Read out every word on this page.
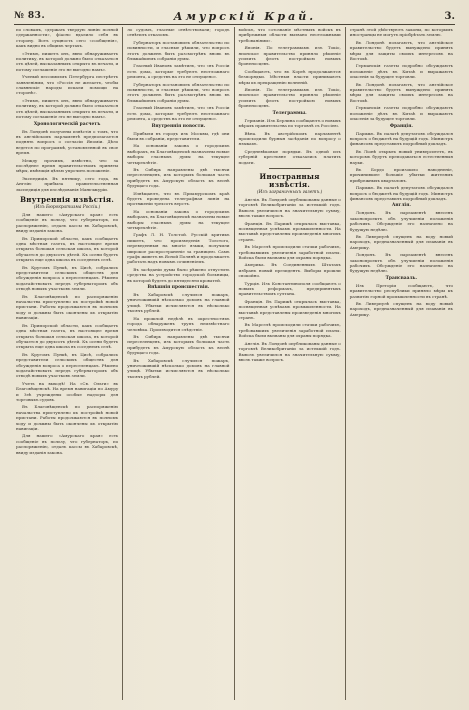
№ 83.	Амурскій Край.	3.

по словамъ, «держать твердую линію полной сдержанности», фіасно вдалило себя въ сторону. Вотъ сущность сего «сообщенія», какъ видно въ общихъ чертахъ.

«Этимъ, пишетъ онъ, явно обнаруживаетъ политику, въ которой должно было отказаться отъ цѣлей, высказанныхъ открыто въ печати, и потому соглашеніе это не выгодно намъ».

Ученый пессимизмъ Петербурга пестрѣетъ заявленіями, что «Россія не желаетъ, чтобы славянскіе народы искали помощи на сторонѣ».

«Этимъ, пишетъ онъ, явно обнаруживаетъ политику, въ которой должно было отказаться отъ цѣлей, высказанныхъ открыто въ печати, и потому соглашеніе это не выгодно намъ».

Хронологическій расчетъ

Въ Лондонѣ получены извѣстія о томъ, что въ англійскомъ парламентѣ предполагается поднять вопросъ о согласіи Япоміи. Дѣло ведется по программѣ, установленной въ свое время.

Между прочимъ, извѣстно, что за послѣднее время правительствомъ приняты мѣры, имѣющія цѣлью упрочить положеніе.

Экспедиція. Въ пятницу, сего года, въ Англію прибыла правительственная экспедиція для изслѣдованія Маньчжуріи.

Внутреннія извѣстія.
(Изъ Бюрократизма Россіи.)

Для нашего «Амурскаго края» есть сообщеніе въ пользу, что губернаторъ, по распоряженію, отдалъ кассы въ Хабаровскѣ, ввиду изданія закона.

Въ Приморской области, какъ сообщаетъ одна мѣстная газета, въ настоящее время открыта большая сельская школа, въ которой обучается до двухсотъ дѣтей. Къ осени будетъ открыта еще одна школа въ соседнемъ селѣ.

Въ Кругомъ Пункѣ, въ Цисѣ, собрались представители сельскихъ обществъ для обсужденія вопроса о переселенцахъ. Рѣшено ходатайствовать передъ губернаторомъ объ отводѣ новыхъ участковъ земли.

Въ Благовѣщенскѣ по распоряженію начальства приступлено къ постройкѣ новой пристани. Работы продолжаются въ полномъ ходу и должны быть окончены къ открытію навигаціи.

Въ Приморской области, какъ сообщаетъ одна мѣстная газета, въ настоящее время открыта большая сельская школа, въ которой обучается до двухсотъ дѣтей. Къ осени будетъ открыта еще одна школа въ соседнемъ селѣ.

Въ Кругомъ Пункѣ, въ Цисѣ, собрались представители сельскихъ обществъ для обсужденія вопроса о переселенцахъ. Рѣшено ходатайствовать передъ губернаторомъ объ отводѣ новыхъ участковъ земли.

Учеть на выходѣ! На «Св. Ольги» въ Благовѣщенскѣ. На время навигаціи по Амуру и Зеѣ учреждены особые надзоры для торговыхъ судовъ.

Въ Благовѣщенскѣ по распоряженію начальства приступлено къ постройкѣ новой пристани. Работы продолжаются въ полномъ ходу и должны быть окончены къ открытію навигаціи.

Для нашего «Амурскаго края» есть сообщеніе въ пользу, что губернаторъ, по распоряженію, отдалъ кассы въ Хабаровскѣ, ввиду изданія закона.

ло судомъ, гласные отвѣтствовали; городъ отвѣтилъ отказомъ.

Губернаторъ постановилъ обязательство по повинности, и гласные рѣшили, что вопросъ этотъ долженъ быть разсмотрѣнъ вновь въ ближайшемъ собраніи думы.

Гласный Ивановъ замѣтилъ, что «въ Россіи есть дома, которые требуютъ неотложнаго ремонта, а средствъ на это не отпущено».

Губернаторъ постановилъ обязательство по повинности, и гласные рѣшили, что вопросъ этотъ долженъ быть разсмотрѣнъ вновь въ ближайшемъ собраніи думы.

Гласный Ивановъ замѣтилъ, что «въ Россіи есть дома, которые требуютъ неотложнаго ремонта, а средствъ на это не отпущено».

Внутреннія новости.

Прибыли въ городъ изъ Москвы, гдѣ они были въ собраніи, представители.

На основаніи закона о городскихъ выборахъ, въ Благовѣщенскѣ назначены новые выборы гласныхъ думы на текущее четырехлѣтіе.

Въ Сибирь направлены двѣ тысячи переселенцевъ, изъ которыхъ большая часть прибудетъ въ Амурскую область къ веснѣ будущаго года.

Извѣщаютъ, что въ Приамурскомъ краѣ будетъ проведена телеграфная линія на протяженіи трехсотъ верстъ.

На основаніи закона о городскихъ выборахъ, въ Благовѣщенскѣ назначены новые выборы гласныхъ думы на текущее четырехлѣтіе.

Графъ Л. Н. Толстой. Русскій критикъ пишетъ, что произведенія Толстого, переведенныя на многіе языки, получили широкое распространеніе за границею. Самъ графъ живетъ въ Ясной Полянѣ и продолжаетъ работать надъ новымъ сочиненіемъ.

Въ засѣданіи думы было рѣшено отпустить средства на устройство городской больницы, въ которой будетъ до пятидесяти кроватей.

Внѣшнія происшествія.

Въ Хабаровскѣ случился пожаръ, уничтожившій нѣсколько домовъ на главной улицѣ. Убытки исчисляются въ нѣсколько тысячъ рублей.

На прошлой недѣлѣ въ окрестностяхъ города обнаруженъ трупъ неизвѣстнаго человѣка. Производится слѣдствіе.

Въ Сибирь направлены двѣ тысячи переселенцевъ, изъ которыхъ большая часть прибудетъ въ Амурскую область къ веснѣ будущаго года.

Въ Хабаровскѣ случился пожаръ, уничтожившій нѣсколько домовъ на главной улицѣ. Убытки исчисляются въ нѣсколько тысячъ рублей.

войскъ, что «отозваніе мѣстныхъ войскъ въ прибрежныя области вызвано неотложными требованіями».

Японія. По телеграммамъ изъ Токіо, японское правительство приняло рѣшеніе усилить флотъ постройкою новыхъ броненосцевъ.

Сообщаютъ, что въ Кореѣ продолжаются безпорядки. Мѣстныя власти принимаютъ мѣры къ прекращенію волненій.

Японія. По телеграммамъ изъ Токіо, японское правительство приняло рѣшеніе усилить флотъ постройкою новыхъ броненосцевъ.

Телеграммы.

Германія. Изъ Берлина сообщаютъ о новыхъ мѣрахъ правительства по торговлѣ съ Россіею.

Вѣна. Въ австрійскомъ парламентѣ происходили бурныя засѣданія по вопросу о языкахъ.

Средневѣковые порядки. Въ одной изъ губерній крестьяне отказались платить подати.

Иностранныя извѣстія.
(Изъ заграничныхъ газетъ.)

Англія. Въ Лондонѣ опубликованы данные о торговлѣ Великобританіи за истекшій годъ. Вывозъ увеличился на значительную сумму, ввозъ также возросъ.

Франція. Въ Парижѣ открылась выставка, посвященная успѣхамъ промышленности. На выставкѣ представлены произведенія многихъ странъ.

Въ Марселѣ происходили стачки рабочихъ, требовавшихъ увеличенія заработной платы. Войска были вызваны для охраны порядка.

Америка. Въ Соединенныхъ Штатахъ избранъ новый президентъ. Выборы прошли спокойно.

Турція. Изъ Константинополя сообщаютъ о новыхъ реформахъ, предпринятыхъ правительствомъ султана.

Франція. Въ Парижѣ открылась выставка, посвященная успѣхамъ промышленности. На выставкѣ представлены произведенія многихъ странъ.

Въ Марселѣ происходили стачки рабочихъ, требовавшихъ увеличенія заработной платы. Войска были вызваны для охраны порядка.

Англія. Въ Лондонѣ опубликованы данные о торговлѣ Великобританіи за истекшій годъ. Вывозъ увеличился на значительную сумму, ввозъ также возросъ.

странѣ этой дѣйствуютъ законы, по которымъ иностранцы не могутъ пріобрѣтать землю.

Въ Лондонѣ полагаютъ, что англійское правительство будетъ вынуждено принять мѣры для защиты своихъ интересовъ на Востокѣ.

Германскія газеты подробно обсуждаютъ положеніе дѣлъ въ Китаѣ и выражаютъ опасенія за будущее торговли.

Въ Лондонѣ полагаютъ, что англійское правительство будетъ вынуждено принять мѣры для защиты своихъ интересовъ на Востокѣ.

Германскія газеты подробно обсуждаютъ положеніе дѣлъ въ Китаѣ и выражаютъ опасенія за будущее торговли.

Франція.

Парижъ. Въ палатѣ депутатовъ обсуждался вопросъ о бюджетѣ на будущій годъ. Министръ финансовъ представилъ подробный докладъ.

Въ Ліонѣ открыть новый университетъ, въ которомъ будутъ преподаваться естественныя науки.

Въ Бордо произошло наводненіе, причинившее большіе убытки жителямъ прибрежныхъ кварталовъ.

Парижъ. Въ палатѣ депутатовъ обсуждался вопросъ о бюджетѣ на будущій годъ. Министръ финансовъ представилъ подробный докладъ.

Англія.

Лондонъ. Въ парламентѣ внесенъ законопроектъ объ улучшеніи положенія рабочихъ. Обсужденіе его назначено на будущую недѣлю.

Въ Ливерпулѣ спущенъ на воду новый пароходъ, предназначенный для плаванія въ Америку.

Лондонъ. Въ парламентѣ внесенъ законопроектъ объ улучшеніи положенія рабочихъ. Обсужденіе его назначено на будущую недѣлю.

Трансвааль.

Изъ Преторіи сообщаютъ, что правительство республики приняло мѣры къ развитію горной промышленности въ странѣ.

Въ Ливерпулѣ спущенъ на воду новый пароходъ, предназначенный для плаванія въ Америку.
